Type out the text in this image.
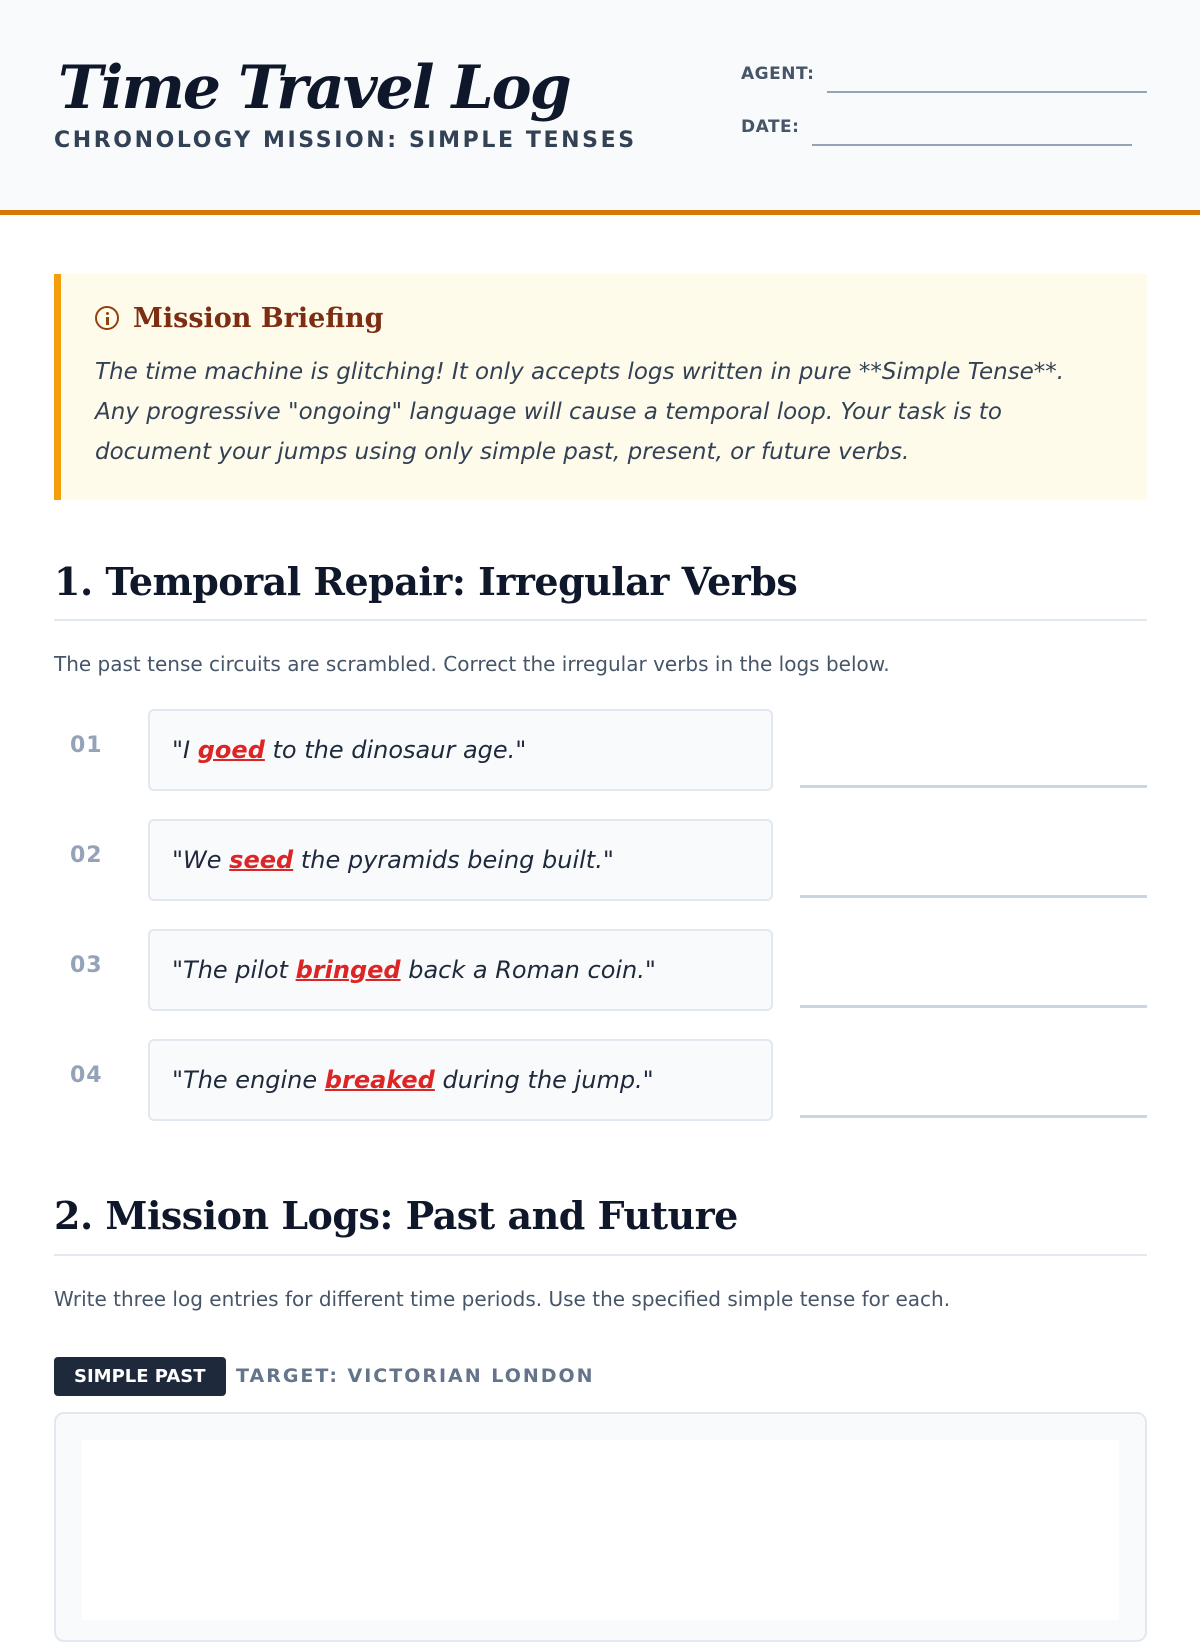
Time Travel Log
CHRONOLOGY MISSION: SIMPLE TENSES
AGENT:
DATE:
Mission Briefing
The time machine is glitching! It only accepts logs written in pure **Simple Tense**. Any progressive "ongoing" language will cause a temporal loop. Your task is to document your jumps using only simple past, present, or future verbs.
1. Temporal Repair: Irregular Verbs
The past tense circuits are scrambled. Correct the irregular verbs in the logs below.
01	"I goed to the dinosaur age."
02	"We seed the pyramids being built."
03	"The pilot bringed back a Roman coin."
04	"The engine breaked during the jump."
2. Mission Logs: Past and Future
Write three log entries for different time periods. Use the specified simple tense for each.
SIMPLE PAST	TARGET: VICTORIAN LONDON
